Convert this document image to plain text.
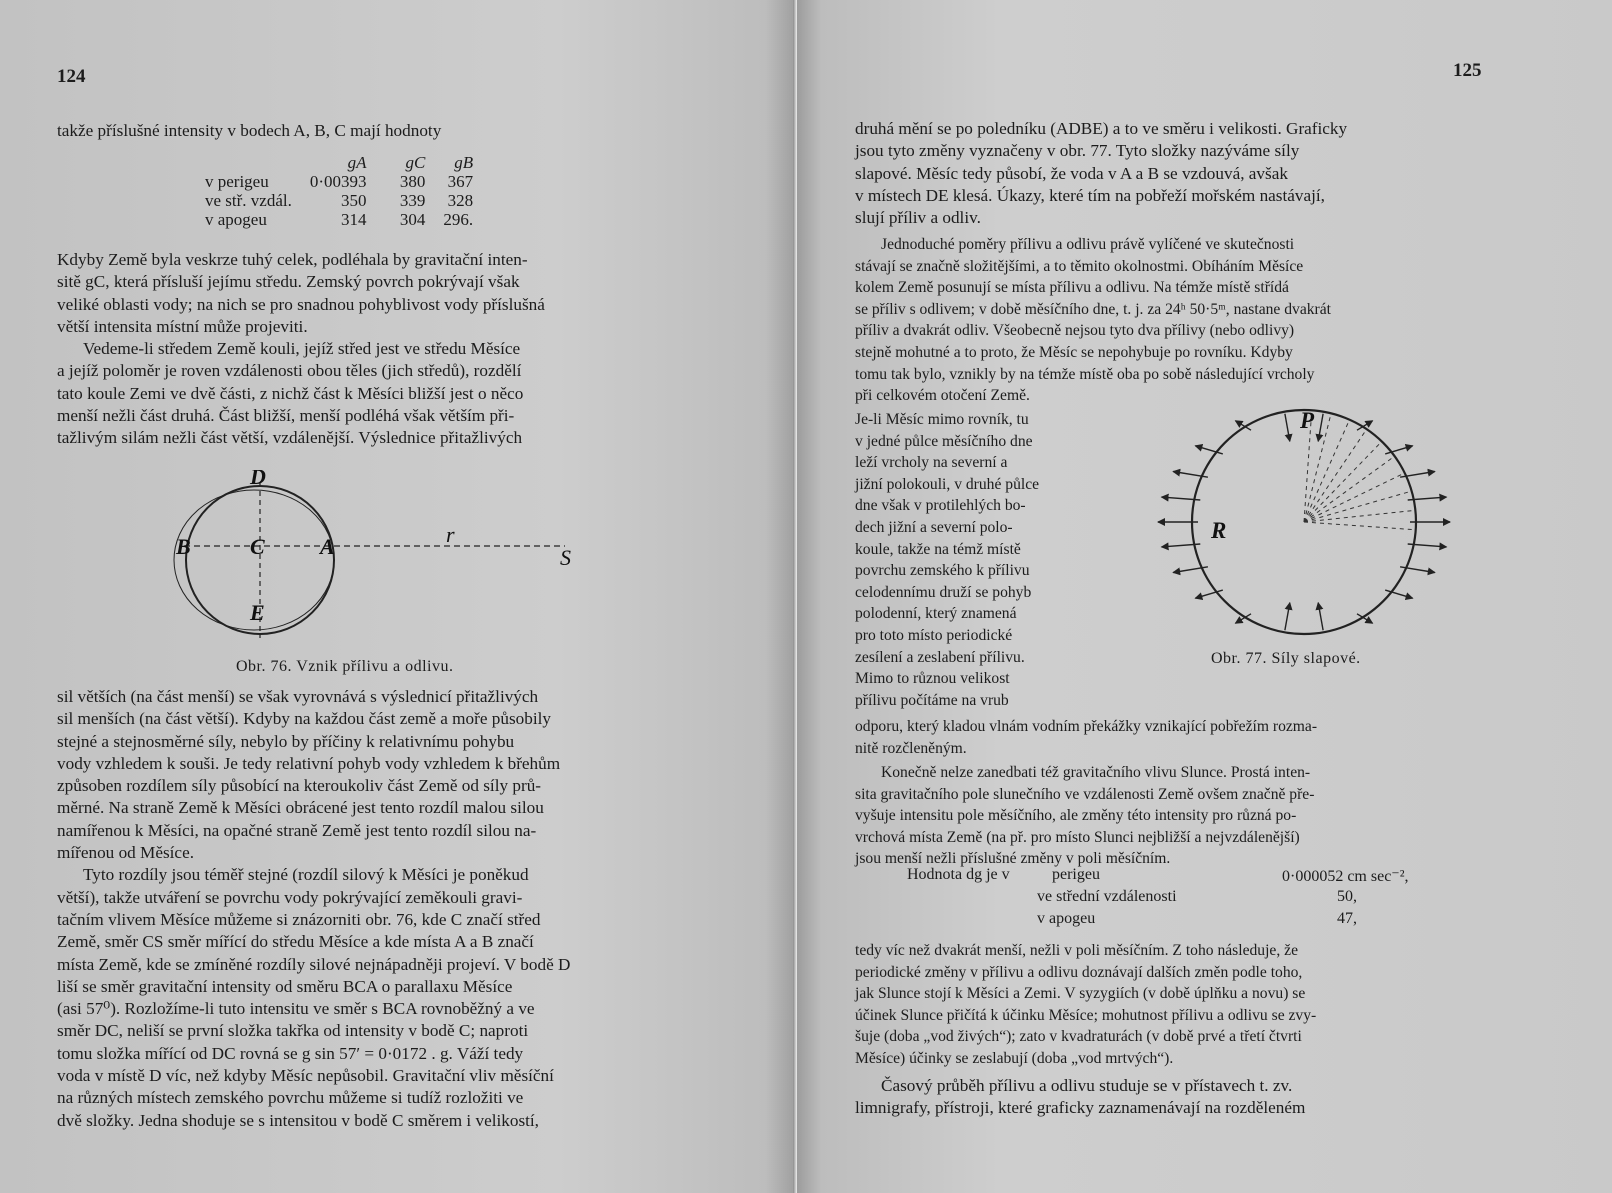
124

takže příslušné intensity v bodech A, B, C mají hodnoty

	gA	gC	gB
v perigeu	0·00393	380	367
ve stř. vzdál.	350	339	328
v apogeu	314	304	296.

Kdyby Země byla veskrze tuhý celek, podléhala by gravitační inten-

sitě gC, která přísluší jejímu středu. Zemský povrch pokrývají však

veliké oblasti vody; na nich se pro snadnou pohyblivost vody příslušná

větší intensita místní může projeviti.

Vedeme-li středem Země kouli, jejíž střed jest ve středu Měsíce

a jejíž poloměr je roven vzdálenosti obou těles (jich středů), rozdělí

tato koule Zemi ve dvě části, z nichž část k Měsíci bližší jest o něco

menší nežli část druhá. Část bližší, menší podléhá však větším při-

tažlivým silám nežli část větší, vzdálenější. Výslednice přitažlivých

D
B	C	A
E
r
S
Obr. 76. Vznik přílivu a odlivu.

sil větších (na část menší) se však vyrovnává s výslednicí přitažlivých

sil menších (na část větší). Kdyby na každou část země a moře působily

stejné a stejnosměrné síly, nebylo by příčiny k relativnímu pohybu

vody vzhledem k souši. Je tedy relativní pohyb vody vzhledem k břehům

způsoben rozdílem síly působící na kteroukoliv část Země od síly prů-

měrné. Na straně Země k Měsíci obrácené jest tento rozdíl malou silou

namířenou k Měsíci, na opačné straně Země jest tento rozdíl silou na-

mířenou od Měsíce.

Tyto rozdíly jsou téměř stejné (rozdíl silový k Měsíci je poněkud

větší), takže utváření se povrchu vody pokrývající zeměkouli gravi-

tačním vlivem Měsíce můžeme si znázorniti obr. 76, kde C značí střed

Země, směr CS směr mířící do středu Měsíce a kde místa A a B značí

místa Země, kde se zmíněné rozdíly silové nejnápadněji projeví. V bodě D

liší se směr gravitační intensity od směru BCA o parallaxu Měsíce

(asi 57⁰). Rozložíme-li tuto intensitu ve směr s BCA rovnoběžný a ve

směr DC, neliší se první složka takřka od intensity v bodě C; naproti

tomu složka mířící od DC rovná se g sin 57′ = 0·0172 . g. Váží tedy

voda v místě D víc, než kdyby Měsíc nepůsobil. Gravitační vliv měsíční

na různých místech zemského povrchu můžeme si tudíž rozložiti ve

dvě složky. Jedna shoduje se s intensitou v bodě C směrem i velikostí,

125

druhá mění se po poledníku (ADBE) a to ve směru i velikosti. Graficky

jsou tyto změny vyznačeny v obr. 77. Tyto složky nazýváme síly

slapové. Měsíc tedy působí, že voda v A a B se vzdouvá, avšak

v místech DE klesá. Úkazy, které tím na pobřeží mořském nastávají,

slují příliv a odliv.

Jednoduché poměry přílivu a odlivu právě vylíčené ve skutečnosti

stávají se značně složitějšími, a to těmito okolnostmi. Obíháním Měsíce

kolem Země posunují se místa přílivu a odlivu. Na témže místě střídá

se příliv s odlivem; v době měsíčního dne, t. j. za 24ʰ 50·5ᵐ, nastane dvakrát

příliv a dvakrát odliv. Všeobecně nejsou tyto dva přílivy (nebo odlivy)

stejně mohutné a to proto, že Měsíc se nepohybuje po rovníku. Kdyby

tomu tak bylo, vznikly by na témže místě oba po sobě následující vrcholy

při celkovém otočení Země.

Je-li Měsíc mimo rovník, tu

v jedné půlce měsíčního dne

leží vrcholy na severní a

jižní polokouli, v druhé půlce

dne však v protilehlých bo-

dech jižní a severní polo-

koule, takže na témž místě

povrchu zemského k přílivu

celodennímu druží se pohyb

polodenní, který znamená

pro toto místo periodické

zesílení a zeslabení přílivu.

Mimo to různou velikost

přílivu počítáme na vrub

P
R
Obr. 77. Síly slapové.

odporu, který kladou vlnám vodním překážky vznikající pobřežím rozma-

nitě rozčleněným.

Konečně nelze zanedbati též gravitačního vlivu Slunce. Prostá inten-

sita gravitačního pole slunečního ve vzdálenosti Země ovšem značně pře-

vyšuje intensitu pole měsíčního, ale změny této intensity pro různá po-

vrchová místa Země (na př. pro místo Slunci nejbližší a nejvzdálenější)

jsou menší nežli příslušné změny v poli měsíčním.

Hodnota dg je v	perigeu	0·000052 cm sec⁻²,
ve střední vzdálenosti	50,
v apogeu	47,

tedy víc než dvakrát menší, nežli v poli měsíčním. Z toho následuje, že

periodické změny v přílivu a odlivu doznávají dalších změn podle toho,

jak Slunce stojí k Měsíci a Zemi. V syzygiích (v době úplňku a novu) se

účinek Slunce přičítá k účinku Měsíce; mohutnost přílivu a odlivu se zvy-

šuje (doba „vod živých“); zato v kvadraturách (v době prvé a třetí čtvrti

Měsíce) účinky se zeslabují (doba „vod mrtvých“).

Časový průběh přílivu a odlivu studuje se v přístavech t. zv.

limnigrafy, přístroji, které graficky zaznamenávají na rozděleném
